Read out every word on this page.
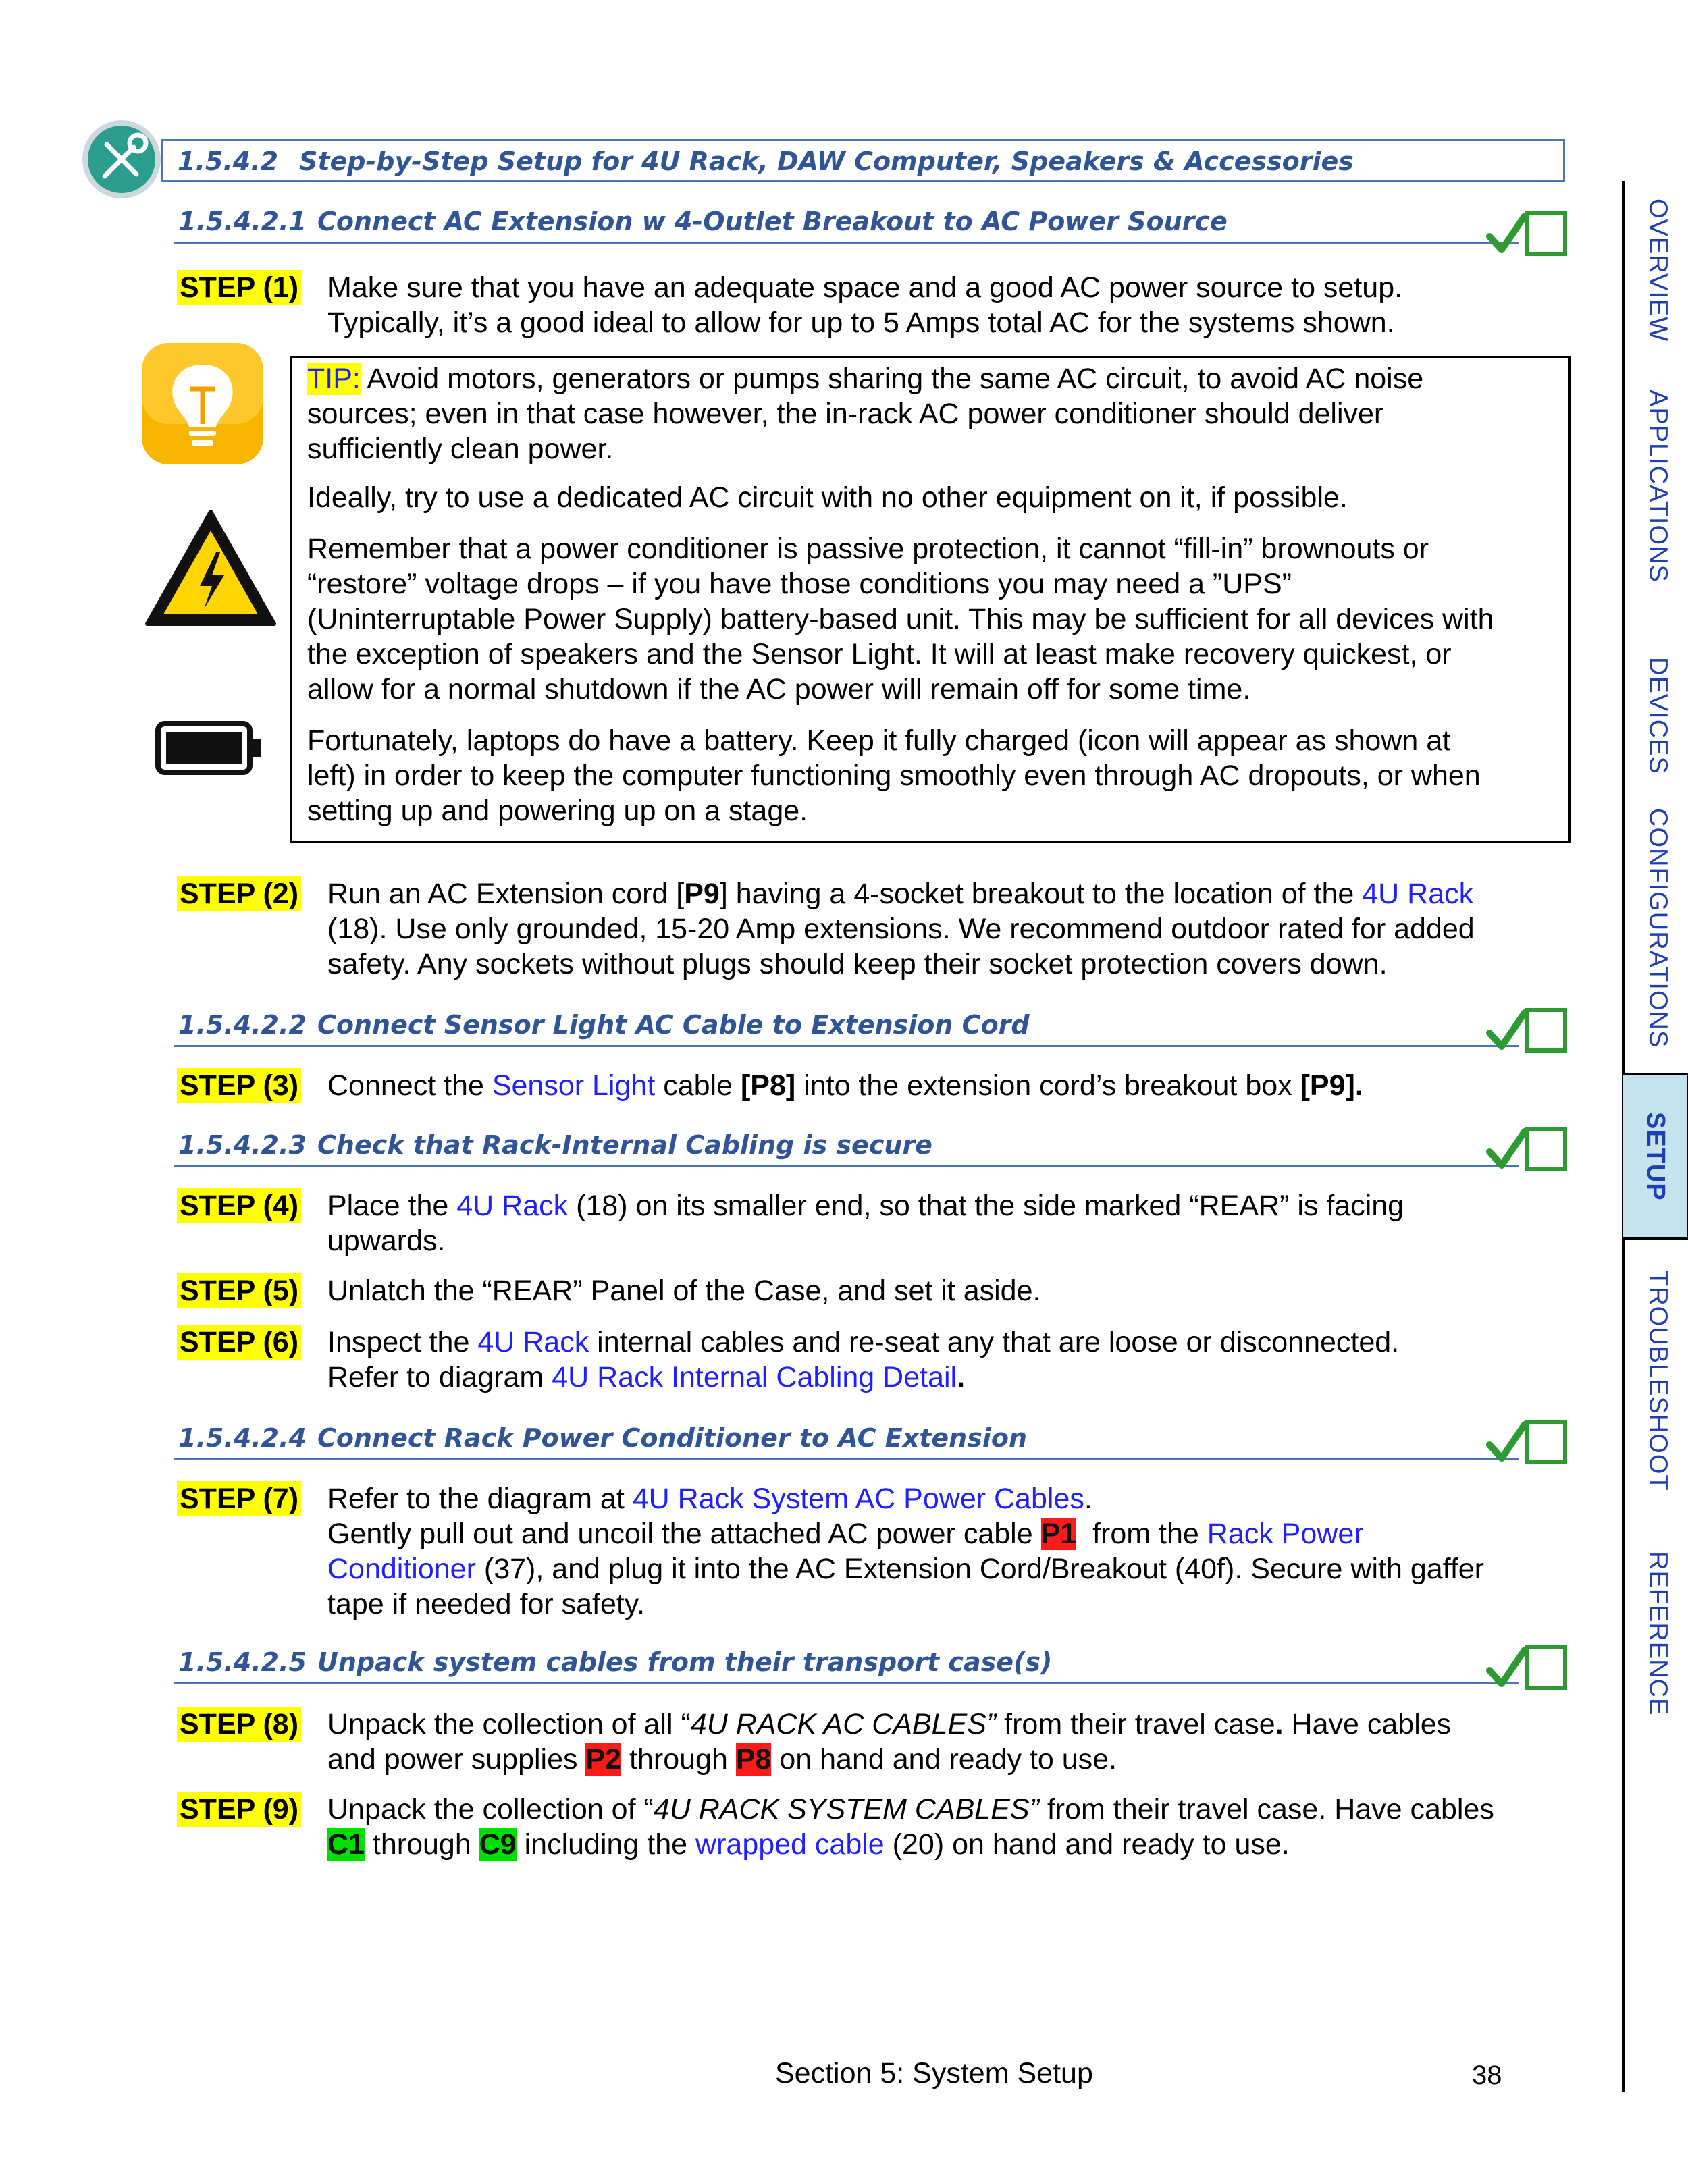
1.5.4.2 Step-by-Step Setup for 4U Rack, DAW Computer, Speakers & Accessories
1.5.4.2.1 Connect AC Extension w 4-Outlet Breakout to AC Power Source
STEP (1) Make sure that you have an adequate space and a good AC power source to setup.
Typically, it’s a good ideal to allow for up to 5 Amps total AC for the systems shown.
TIP: Avoid motors, generators or pumps sharing the same AC circuit, to avoid AC noise
sources; even in that case however, the in-rack AC power conditioner should deliver
sufficiently clean power.
Ideally, try to use a dedicated AC circuit with no other equipment on it, if possible.
Remember that a power conditioner is passive protection, it cannot “fill-in” brownouts or
“restore” voltage drops – if you have those conditions you may need a ”UPS”
(Uninterruptable Power Supply) battery-based unit. This may be sufficient for all devices with
the exception of speakers and the Sensor Light. It will at least make recovery quickest, or
allow for a normal shutdown if the AC power will remain off for some time.
Fortunately, laptops do have a battery. Keep it fully charged (icon will appear as shown at
left) in order to keep the computer functioning smoothly even through AC dropouts, or when
setting up and powering up on a stage.
STEP (2) Run an AC Extension cord [P9] having a 4-socket breakout to the location of the 4U Rack
(18). Use only grounded, 15-20 Amp extensions. We recommend outdoor rated for added
safety. Any sockets without plugs should keep their socket protection covers down.
1.5.4.2.2 Connect Sensor Light AC Cable to Extension Cord
STEP (3) Connect the Sensor Light cable [P8] into the extension cord’s breakout box [P9].
1.5.4.2.3 Check that Rack-Internal Cabling is secure
STEP (4) Place the 4U Rack (18) on its smaller end, so that the side marked “REAR” is facing
upwards.
STEP (5) Unlatch the “REAR” Panel of the Case, and set it aside.
STEP (6) Inspect the 4U Rack internal cables and re-seat any that are loose or disconnected.
Refer to diagram 4U Rack Internal Cabling Detail.
1.5.4.2.4 Connect Rack Power Conditioner to AC Extension
STEP (7) Refer to the diagram at 4U Rack System AC Power Cables.
Gently pull out and uncoil the attached AC power cable P1  from the Rack Power
Conditioner (37), and plug it into the AC Extension Cord/Breakout (40f). Secure with gaffer
tape if needed for safety.
1.5.4.2.5 Unpack system cables from their transport case(s)
STEP (8) Unpack the collection of all “4U RACK AC CABLES” from their travel case. Have cables
and power supplies P2 through P8 on hand and ready to use.
STEP (9) Unpack the collection of “4U RACK SYSTEM CABLES” from their travel case. Have cables
C1 through C9 including the wrapped cable (20) on hand and ready to use.
OVERVIEW
APPLICATIONS
DEVICES
CONFIGURATIONS
SETUP
TROUBLESHOOT
REFERENCE
Section 5: System Setup	38
